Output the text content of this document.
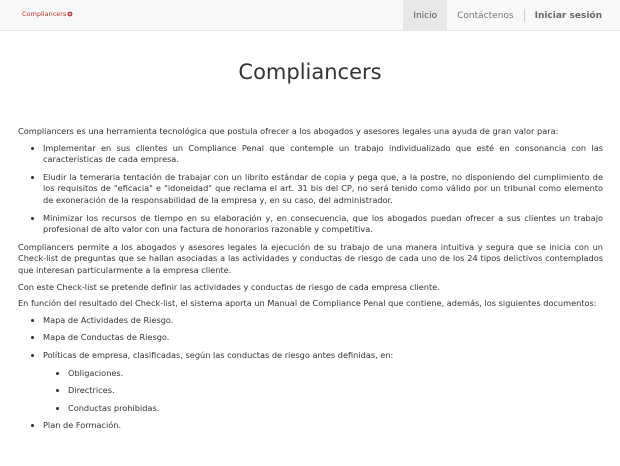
Compliancers	Inicio	Contáctenos	Iniciar sesión
Compliancers

Compliancers es una herramienta tecnológica que postula ofrecer a los abogados y asesores legales una ayuda de gran valor para:

• Implementar en sus clientes un Compliance Penal que contemple un trabajo individualizado que esté en consonancia con las características de cada empresa.
• Eludir la temeraria tentación de trabajar con un librito estándar de copia y pega que, a la postre, no disponiendo del cumplimiento de los requisitos de "eficacia" e "idoneidad" que reclama el art. 31 bis del CP, no será tenido como válido por un tribunal como elemento de exoneración de la responsabilidad de la empresa y, en su caso, del administrador.
• Minimizar los recursos de tiempo en su elaboración y, en consecuencia, que los abogados puedan ofrecer a sus clientes un trabajo profesional de alto valor con una factura de honorarios razonable y competitiva.

Compliancers permite a los abogados y asesores legales la ejecución de su trabajo de una manera intuitiva y segura que se inicia con un Check-list de preguntas que se hallan asociadas a las actividades y conductas de riesgo de cada uno de los 24 tipos delictivos contemplados que interesan particularmente a la empresa cliente.

Con este Check-list se pretende definir las actividades y conductas de riesgo de cada empresa cliente.

En función del resultado del Check-list, el sistema aporta un Manual de Compliance Penal que contiene, además, los siguientes documentos:

• Mapa de Actividades de Riesgo.
• Mapa de Conductas de Riesgo.
• Políticas de empresa, clasificadas, según las conductas de riesgo antes definidas, en:
• Obligaciones.
• Directrices.
• Conductas prohibidas.
• Plan de Formación.
